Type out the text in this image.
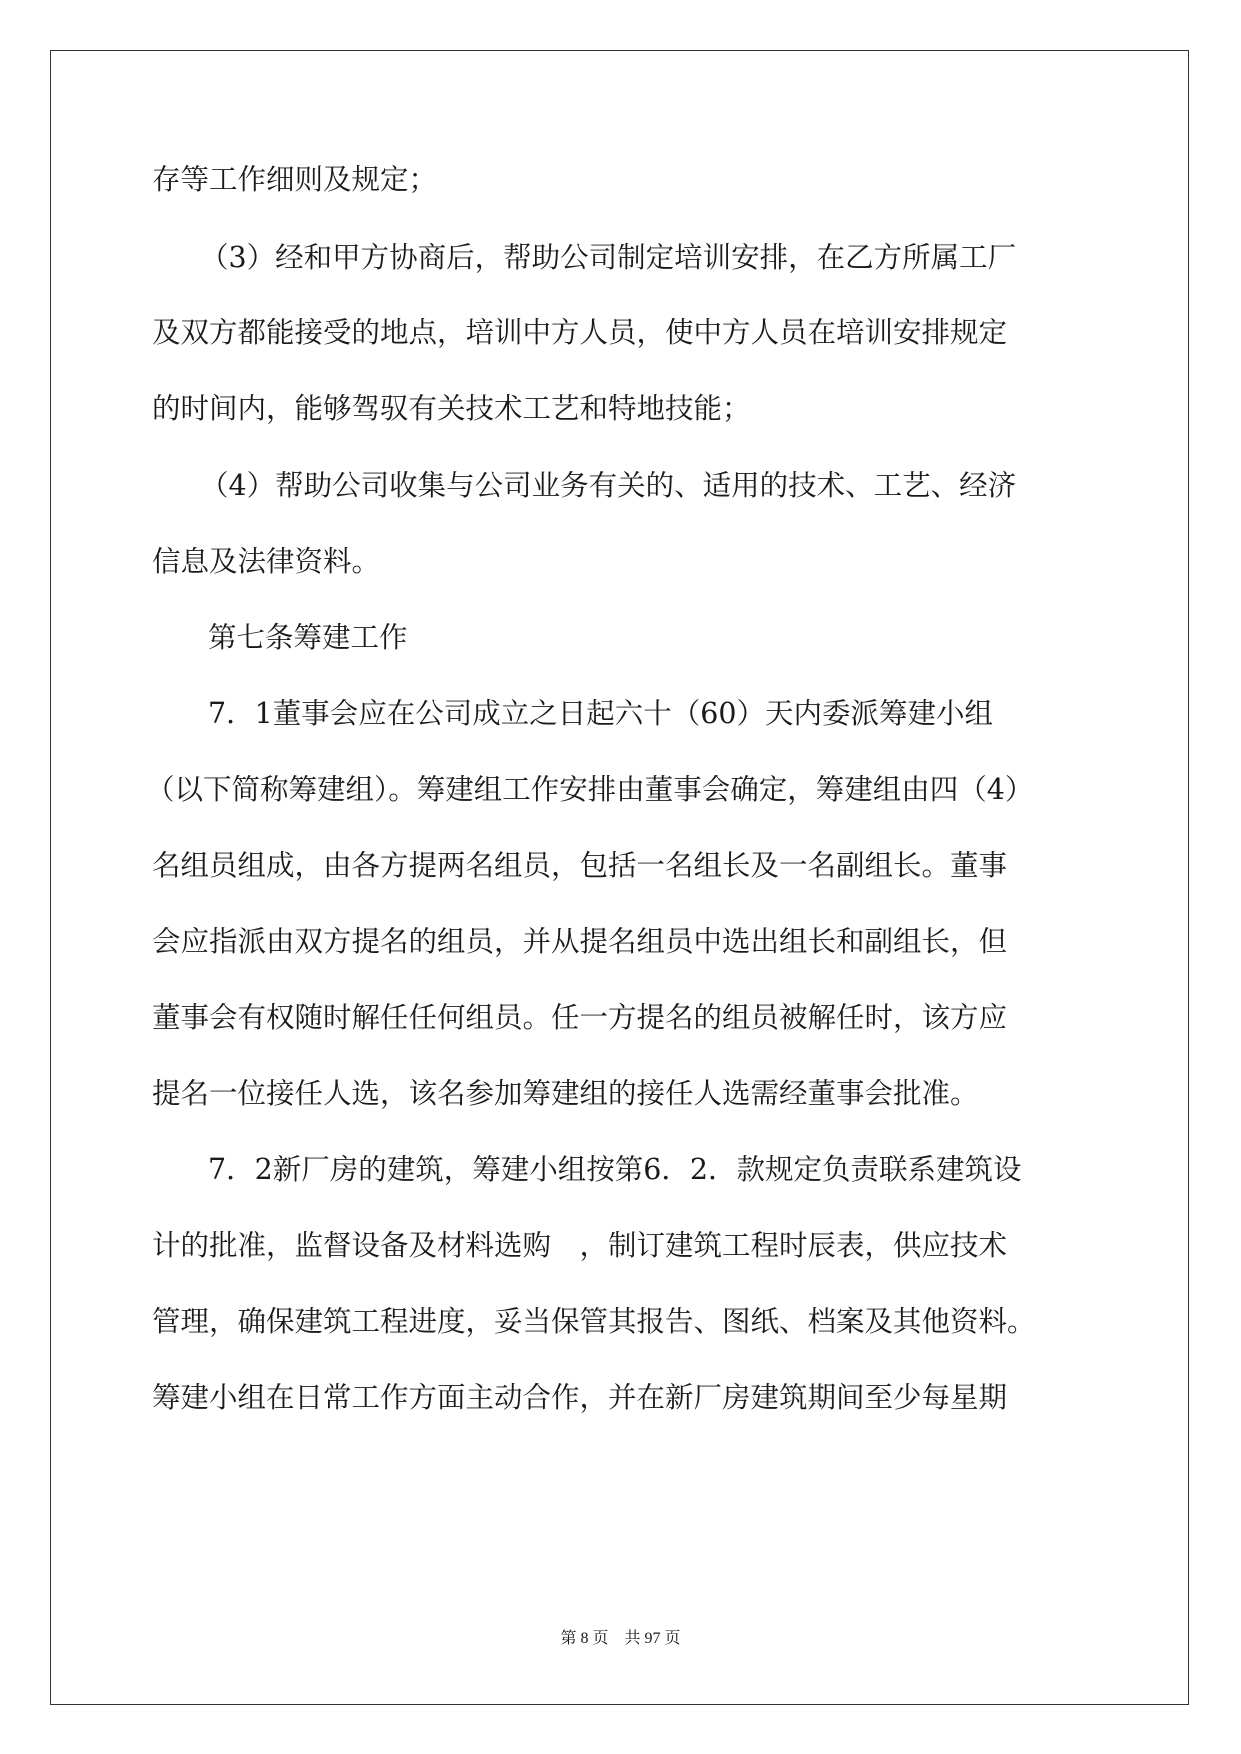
存等工作细则及规定；
（3）经和甲方协商后，帮助公司制定培训安排，在乙方所属工厂
及双方都能接受的地点，培训中方人员，使中方人员在培训安排规定
的时间内，能够驾驭有关技术工艺和特地技能；
（4）帮助公司收集与公司业务有关的、适用的技术、工艺、经济
信息及法律资料。
第七条筹建工作
7．1董事会应在公司成立之日起六十（60）天内委派筹建小组
（以下简称筹建组）。筹建组工作安排由董事会确定，筹建组由四（4）
名组员组成，由各方提两名组员，包括一名组长及一名副组长。董事
会应指派由双方提名的组员，并从提名组员中选出组长和副组长，但
董事会有权随时解任任何组员。任一方提名的组员被解任时，该方应
提名一位接任人选，该名参加筹建组的接任人选需经董事会批准。
7．2新厂房的建筑，筹建小组按第6．2．款规定负责联系建筑设
计的批准，监督设备及材料选购　，制订建筑工程时辰表，供应技术
管理，确保建筑工程进度，妥当保管其报告、图纸、档案及其他资料。
筹建小组在日常工作方面主动合作，并在新厂房建筑期间至少每星期
第 8 页　共 97 页
